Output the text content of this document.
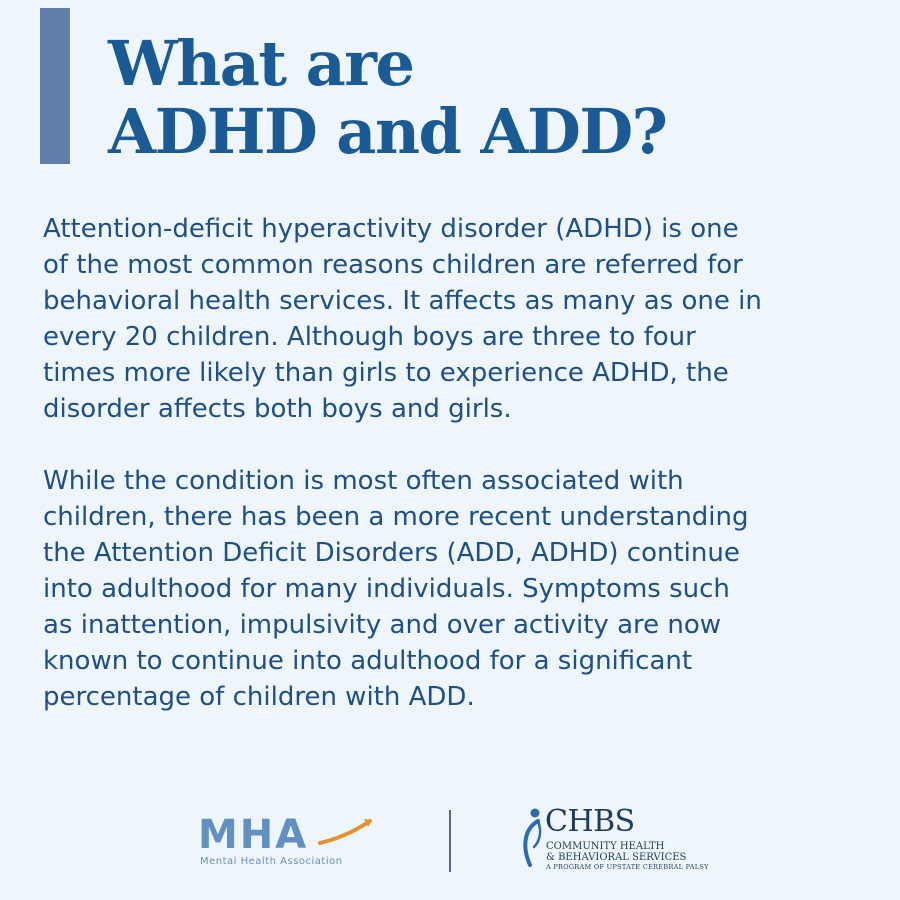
What are
ADHD and ADD?

Attention-deficit hyperactivity disorder (ADHD) is one
of the most common reasons children are referred for
behavioral health services. It affects as many as one in
every 20 children. Although boys are three to four
times more likely than girls to experience ADHD, the
disorder affects both boys and girls.

While the condition is most often associated with
children, there has been a more recent understanding
the Attention Deficit Disorders (ADD, ADHD) continue
into adulthood for many individuals. Symptoms such
as inattention, impulsivity and over activity are now
known to continue into adulthood for a significant
percentage of children with ADD.

MHA
Mental Health Association
CHBS
COMMUNITY HEALTH
& BEHAVIORAL SERVICES
A PROGRAM OF UPSTATE CEREBRAL PALSY
